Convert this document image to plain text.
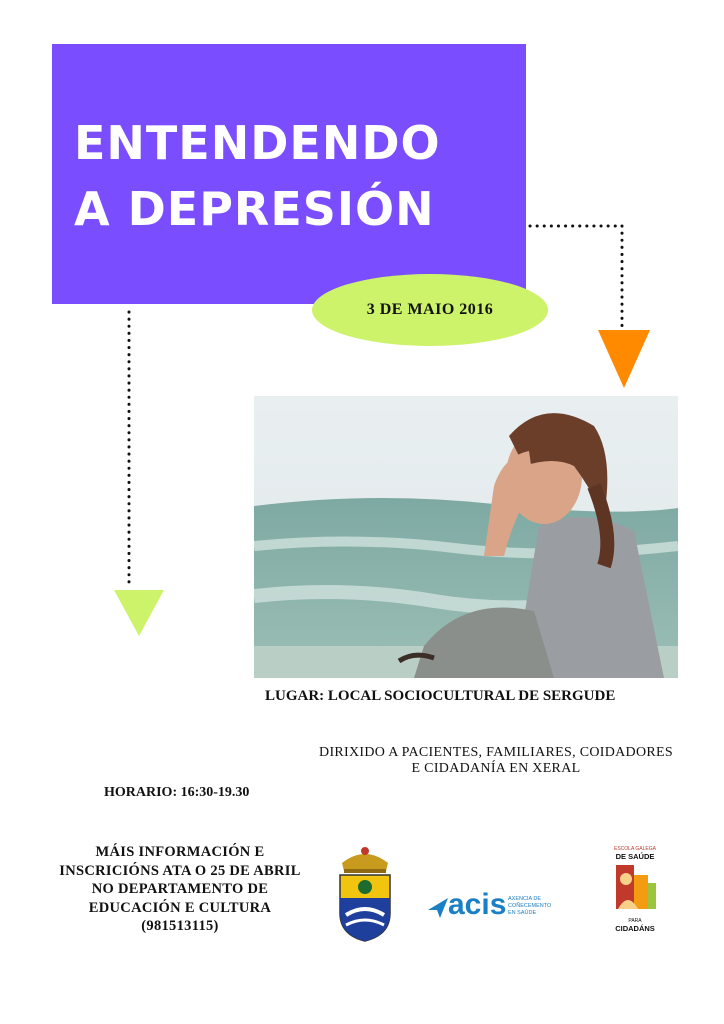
ENTENDENDO
A DEPRESIÓN
3 DE MAIO 2016
LUGAR: LOCAL SOCIOCULTURAL DE SERGUDE
DIRIXIDO A PACIENTES, FAMILIARES, COIDADORES
E CIDADANÍA EN XERAL
HORARIO: 16:30-19.30
MÁIS INFORMACIÓN E
INSCRICIÓNS ATA O 25 DE ABRIL
NO DEPARTAMENTO DE
EDUCACIÓN E CULTURA
(981513115)
acis AXENCIA DE
COÑECEMENTO
EN SAÚDE
ESCOLA GALEGA
DE SAÚDE
PARA
CIDADÁNS
